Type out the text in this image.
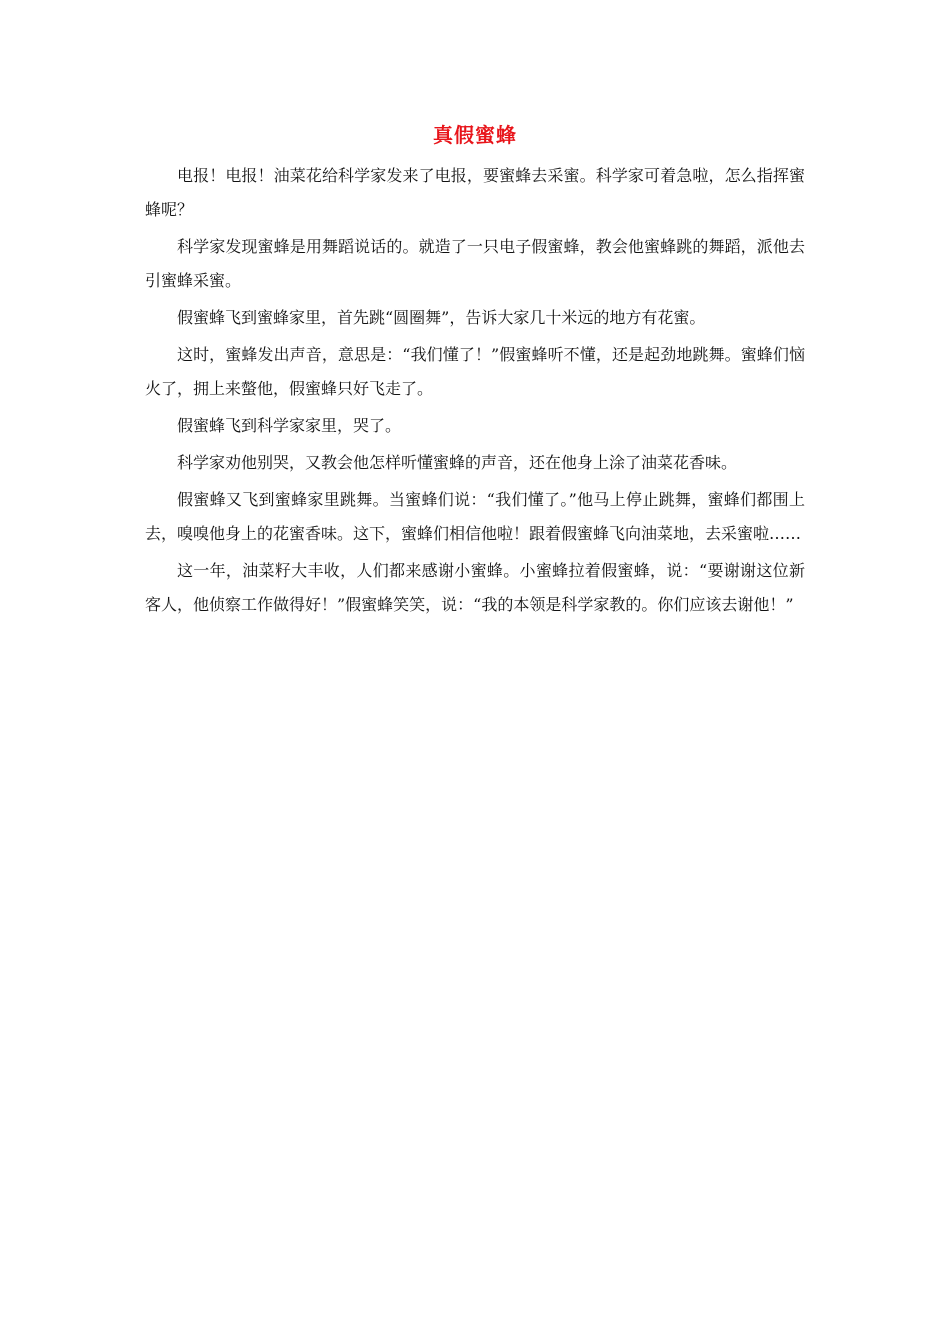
真假蜜蜂

电报！电报！油菜花给科学家发来了电报，要蜜蜂去采蜜。科学家可着急啦，怎么指挥蜜蜂呢？

科学家发现蜜蜂是用舞蹈说话的。就造了一只电子假蜜蜂，教会他蜜蜂跳的舞蹈，派他去引蜜蜂采蜜。

假蜜蜂飞到蜜蜂家里，首先跳“圆圈舞”，告诉大家几十米远的地方有花蜜。

这时，蜜蜂发出声音，意思是：“我们懂了！”假蜜蜂听不懂，还是起劲地跳舞。蜜蜂们恼火了，拥上来螫他，假蜜蜂只好飞走了。

假蜜蜂飞到科学家家里，哭了。

科学家劝他别哭，又教会他怎样听懂蜜蜂的声音，还在他身上涂了油菜花香味。

假蜜蜂又飞到蜜蜂家里跳舞。当蜜蜂们说：“我们懂了。”他马上停止跳舞，蜜蜂们都围上去，嗅嗅他身上的花蜜香味。这下，蜜蜂们相信他啦！跟着假蜜蜂飞向油菜地，去采蜜啦……

这一年，油菜籽大丰收，人们都来感谢小蜜蜂。小蜜蜂拉着假蜜蜂，说：“要谢谢这位新客人，他侦察工作做得好！”假蜜蜂笑笑，说：“我的本领是科学家教的。你们应该去谢他！”
